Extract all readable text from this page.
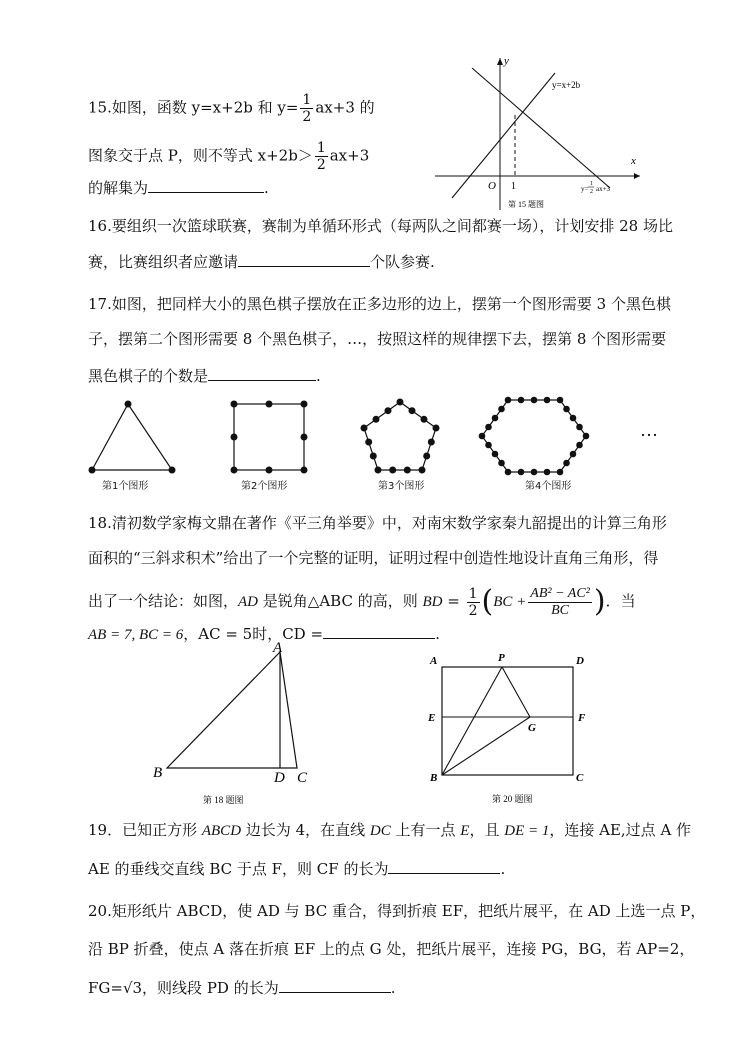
15.如图，函数 y=x+2b 和 $y= \frac{1}{2} ax+3$ 的
图象交于点 P，则不等式 $x+2b> \frac{1}{2} ax+3$
的解集为	.
y
x
O 1
y=x+2b
y=
1
2 ax+3
第 15 题图
16.要组织一次篮球联赛，赛制为单循环形式（每两队之间都赛一场），计划安排 28 场比
赛，比赛组织者应邀请	个队参赛.
17.如图，把同样大小的黑色棋子摆放在正多边形的边上，摆第一个图形需要 3 个黑色棋
子，摆第二个图形需要 8 个黑色棋子，…，按照这样的规律摆下去，摆第 8 个图形需要
黑色棋子的个数是	.
…
第1个图形	第2个图形	第3个图形	第4个图形
18.清初数学家梅文鼎在著作《平三角举要》中，对南宋数学家秦九韶提出的计算三角形
面积的“三斜求积术”给出了一个完整的证明，证明过程中创造性地设计直角三角形，得
出了一个结论：如图，AD 是锐角△ABC 的高，则 BD = $\frac{1}{2} (BC + \frac{\text{AB² − AC²}}{BC}$ )．当
AB = 7, BC = 6，AC = 5时，CD =	.
A
B	D C
第 18 题图
A	P	D
E	F
G
B	C
第 20 题图
19．已知正方形 ABCD 边长为 4，在直线 DC 上有一点 E，且 DE = 1，连接 AE,过点 A 作
AE 的垂线交直线 BC 于点 F，则 CF 的长为	.
20.矩形纸片 ABCD，使 AD 与 BC 重合，得到折痕 EF，把纸片展平，在 AD 上选一点 P，
沿 BP 折叠，使点 A 落在折痕 EF 上的点 G 处，把纸片展平，连接 PG，BG，若 AP=2，
FG=√3，则线段 PD 的长为	.
